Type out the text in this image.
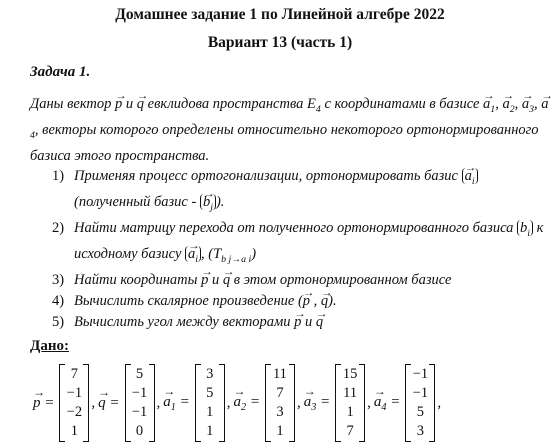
Домашнее задание 1 по Линейной алгебре 2022
Вариант 13 (часть 1)
Задача 1.
Даны вектор → p и → q евклидова пространства $E_4$ с координатами в базисе → $a_1$, → $a_2$, → $a_3$, → $a_4$, векторы которого определены относительно некоторого ортонормированного базиса этого пространства.
1) Применяя процесс ортогонализации, ортонормировать базис → $a_i$ (полученный базис - → $b_j$ ).
2) Найти матрицу перехода от полученного ортонормированного базиса $b_i$ к исходному базису → $a_i$ , $(T_{b j\to a i})$
3) Найти координаты → p и → q в этом ортонормированном базисе
4) Вычислить скалярное произведение (→ p , → q).
5) Вычислить угол между векторами → p и → q
Дано:
→ p =
7
−1
−2
1
, → q =
5
−1
−1
0
, → $a_1$ =
3
5
1
1
, → $a_2$ =
11
7
3
1
, → $a_3$ =
15
11
1
7
, → $a_4$ =
−1
−1
5
3
,
